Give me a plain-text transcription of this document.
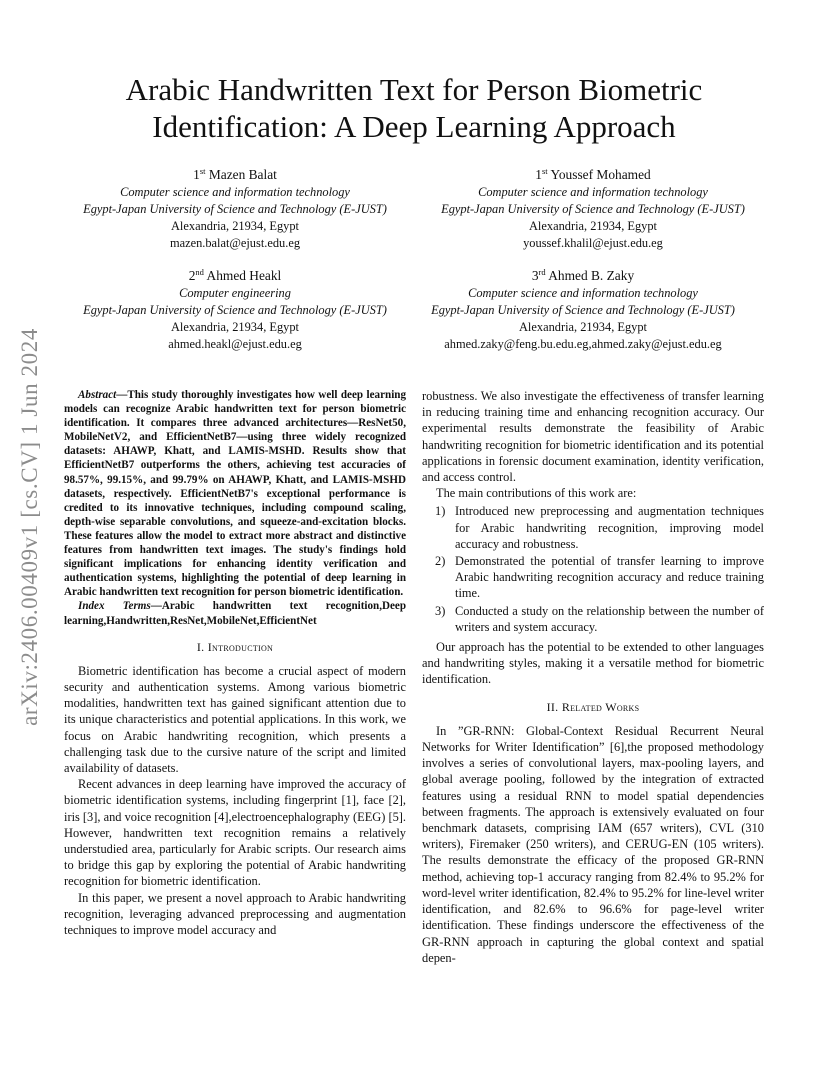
arXiv:2406.00409v1 [cs.CV] 1 Jun 2024
Arabic Handwritten Text for Person Biometric Identification: A Deep Learning Approach
1st Mazen Balat
Computer science and information technology
Egypt-Japan University of Science and Technology (E-JUST)
Alexandria, 21934, Egypt
mazen.balat@ejust.edu.eg
1st Youssef Mohamed
Computer science and information technology
Egypt-Japan University of Science and Technology (E-JUST)
Alexandria, 21934, Egypt
youssef.khalil@ejust.edu.eg
2nd Ahmed Heakl
Computer engineering
Egypt-Japan University of Science and Technology (E-JUST)
Alexandria, 21934, Egypt
ahmed.heakl@ejust.edu.eg
3rd Ahmed B. Zaky
Computer science and information technology
Egypt-Japan University of Science and Technology (E-JUST)
Alexandria, 21934, Egypt
ahmed.zaky@feng.bu.edu.eg,ahmed.zaky@ejust.edu.eg

Abstract—This study thoroughly investigates how well deep learning models can recognize Arabic handwritten text for person biometric identification. It compares three advanced architectures—ResNet50, MobileNetV2, and EfficientNetB7—using three widely recognized datasets: AHAWP, Khatt, and LAMIS-MSHD. Results show that EfficientNetB7 outperforms the others, achieving test accuracies of 98.57%, 99.15%, and 99.79% on AHAWP, Khatt, and LAMIS-MSHD datasets, respectively. EfficientNetB7's exceptional performance is credited to its innovative techniques, including compound scaling, depth-wise separable convolutions, and squeeze-and-excitation blocks. These features allow the model to extract more abstract and distinctive features from handwritten text images. The study's findings hold significant implications for enhancing identity verification and authentication systems, highlighting the potential of deep learning in Arabic handwritten text recognition for person biometric identification.

Index Terms—Arabic handwritten text recognition,Deep learning,Handwritten,ResNet,MobileNet,EfficientNet

I. Introduction

Biometric identification has become a crucial aspect of modern security and authentication systems. Among various biometric modalities, handwritten text has gained significant attention due to its unique characteristics and potential applications. In this work, we focus on Arabic handwriting recognition, which presents a challenging task due to the cursive nature of the script and limited availability of datasets.

Recent advances in deep learning have improved the accuracy of biometric identification systems, including fingerprint [1], face [2], iris [3], and voice recognition [4],electroencephalography (EEG) [5]. However, handwritten text recognition remains a relatively understudied area, particularly for Arabic scripts. Our research aims to bridge this gap by exploring the potential of Arabic handwriting recognition for biometric identification.

In this paper, we present a novel approach to Arabic handwriting recognition, leveraging advanced preprocessing and augmentation techniques to improve model accuracy and

robustness. We also investigate the effectiveness of transfer learning in reducing training time and enhancing recognition accuracy. Our experimental results demonstrate the feasibility of Arabic handwriting recognition for biometric identification and its potential applications in forensic document examination, identity verification, and access control.

The main contributions of this work are:

1) Introduced new preprocessing and augmentation techniques for Arabic handwriting recognition, improving model accuracy and robustness.
2) Demonstrated the potential of transfer learning to improve Arabic handwriting recognition accuracy and reduce training time.
3) Conducted a study on the relationship between the number of writers and system accuracy.

Our approach has the potential to be extended to other languages and handwriting styles, making it a versatile method for biometric identification.

II. Related Works

In ”GR-RNN: Global-Context Residual Recurrent Neural Networks for Writer Identification” [6],the proposed methodology involves a series of convolutional layers, max-pooling layers, and global average pooling, followed by the integration of extracted features using a residual RNN to model spatial dependencies between fragments. The approach is extensively evaluated on four benchmark datasets, comprising IAM (657 writers), CVL (310 writers), Firemaker (250 writers), and CERUG-EN (105 writers). The results demonstrate the efficacy of the proposed GR-RNN method, achieving top-1 accuracy ranging from 82.4% to 95.2% for word-level writer identification, 82.4% to 95.2% for line-level writer identification, and 82.6% to 96.6% for page-level writer identification. These findings underscore the effectiveness of the GR-RNN approach in capturing the global context and spatial depen-
